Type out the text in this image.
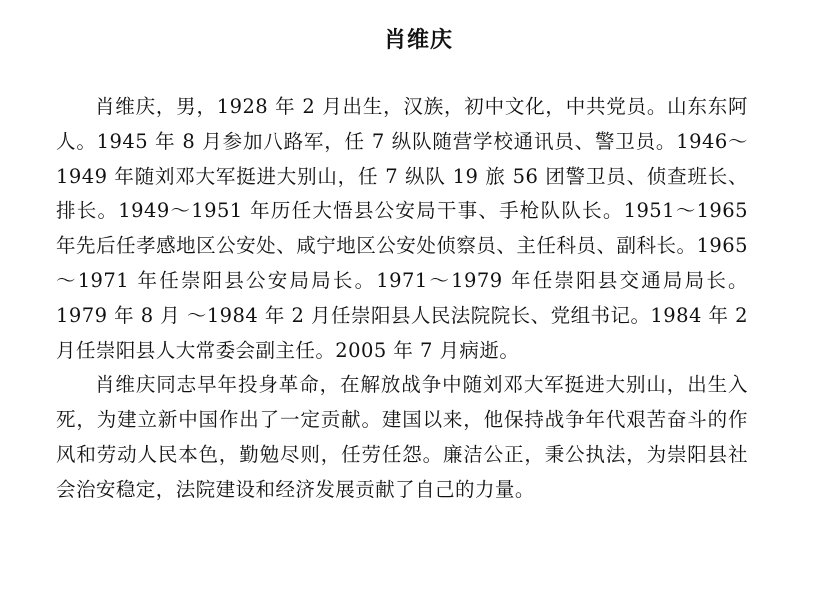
肖维庆

肖维庆，男，1928 年 2 月出生，汉族，初中文化，中共党员。山东东阿人。1945 年 8 月参加八路军，任 7 纵队随营学校通讯员、警卫员。1946～1949 年随刘邓大军挺进大别山，任 7 纵队 19 旅 56 团警卫员、侦查班长、排长。1949～1951 年历任大悟县公安局干事、手枪队队长。1951～1965 年先后任孝感地区公安处、咸宁地区公安处侦察员、主任科员、副科长。1965～1971 年任崇阳县公安局局长。1971～1979 年任崇阳县交通局局长。1979 年 8 月 ～1984 年 2 月任崇阳县人民法院院长、党组书记。1984 年 2 月任崇阳县人大常委会副主任。2005 年 7 月病逝。

肖维庆同志早年投身革命，在解放战争中随刘邓大军挺进大别山，出生入死，为建立新中国作出了一定贡献。建国以来，他保持战争年代艰苦奋斗的作风和劳动人民本色，勤勉尽则，任劳任怨。廉洁公正，秉公执法，为崇阳县社会治安稳定，法院建设和经济发展贡献了自己的力量。
